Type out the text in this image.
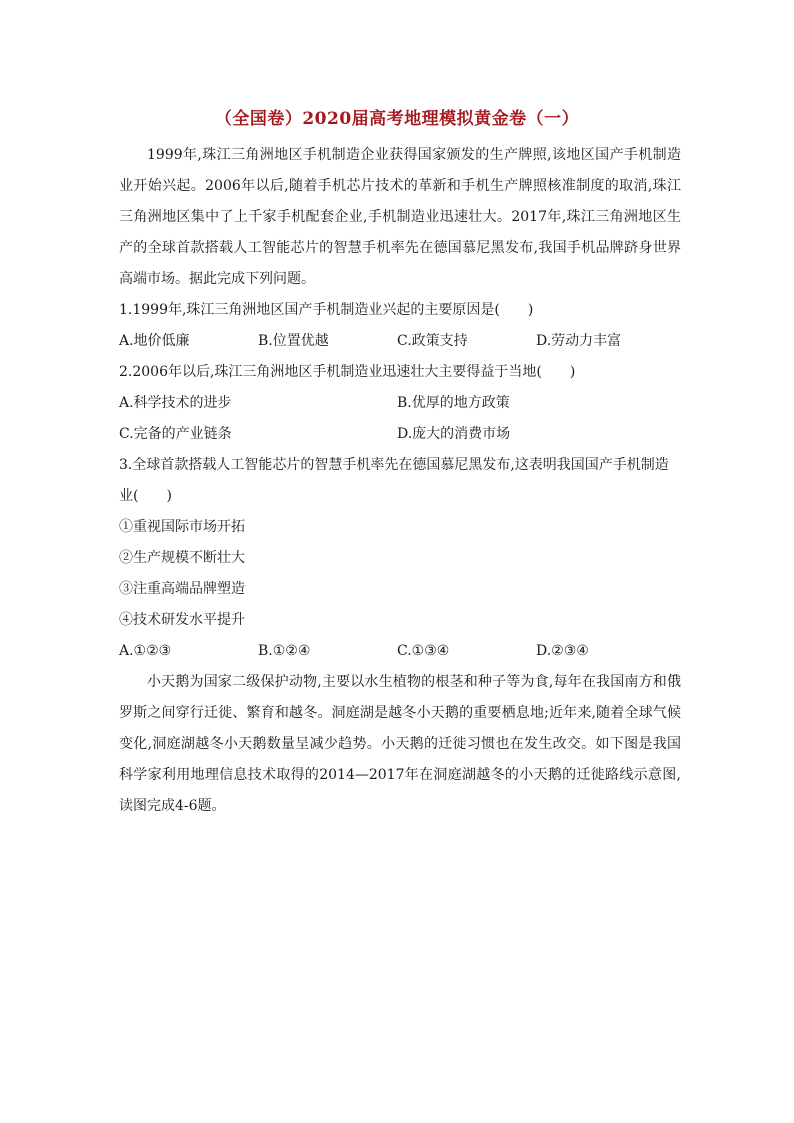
（全国卷）2020届高考地理模拟黄金卷（一）

1999年,珠江三角洲地区手机制造企业获得国家颁发的生产牌照,该地区国产手机制造业开始兴起。2006年以后,随着手机芯片技术的革新和手机生产牌照核准制度的取消,珠江三角洲地区集中了上千家手机配套企业,手机制造业迅速壮大。2017年,珠江三角洲地区生产的全球首款搭载人工智能芯片的智慧手机率先在德国慕尼黑发布,我国手机品牌跻身世界高端市场。据此完成下列问题。

1.1999年,珠江三角洲地区国产手机制造业兴起的主要原因是(　　)

A.地价低廉	B.位置优越	C.政策支持	D.劳动力丰富

2.2006年以后,珠江三角洲地区手机制造业迅速壮大主要得益于当地(　　)

A.科学技术的进步	B.优厚的地方政策
C.完备的产业链条	D.庞大的消费市场

3.全球首款搭载人工智能芯片的智慧手机率先在德国慕尼黑发布,这表明我国国产手机制造

业(　　)

①重视国际市场开拓

②生产规模不断壮大

③注重高端品牌塑造

④技术研发水平提升

A.①②③	B.①②④	C.①③④	D.②③④

小天鹅为国家二级保护动物,主要以水生植物的根茎和种子等为食,每年在我国南方和俄罗斯之间穿行迁徙、繁育和越冬。洞庭湖是越冬小天鹅的重要栖息地;近年来,随着全球气候变化,洞庭湖越冬小天鹅数量呈减少趋势。小天鹅的迁徙习惯也在发生改交。如下图是我国科学家利用地理信息技术取得的2014—2017年在洞庭湖越冬的小天鹅的迁徙路线示意图,读图完成4-6题。
